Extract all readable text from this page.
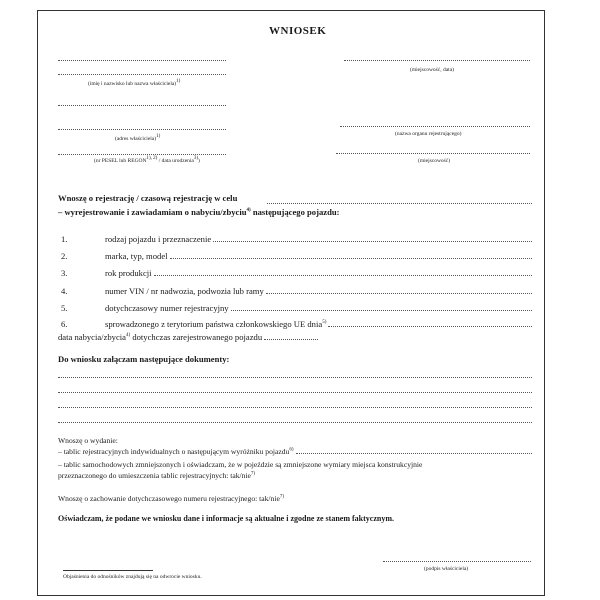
WNIOSEK
(imię i nazwisko lub nazwa właściciela)$^{1)}$
(adres właściciela)$^{1)}$
(nr PESEL lub $REGON^{1), 2)}$ / data urodzenia$^{3)}$)
(miejscowość, data)
(nazwa organu rejestrującego)
(miejscowość)
Wnoszę o rejestrację / czasową rejestrację w celu
– wyrejestrowanie i zawiadamiam o nabyciu/zbyciu$^{4)}$ następującego pojazdu:
1.	rodzaj pojazdu i przeznaczenie
2.	marka, typ, model
3.	rok produkcji
4.	numer VIN / nr nadwozia, podwozia lub ramy
5.	dotychczasowy numer rejestracyjny
6.	sprowadzonego z terytorium państwa członkowskiego UE dnia$^{5)}$
data nabycia/zbycia$^{4)}$ dotychczas zarejestrowanego pojazdu
Do wniosku załączam następujące dokumenty:
Wnoszę o wydanie:
– tablic rejestracyjnych indywidualnych o następującym wyróżniku pojazdu$^{6)}$
– tablic samochodowych zmniejszonych i oświadczam, że w pojeździe są zmniejszone wymiary miejsca konstrukcyjnie
przeznaczonego do umieszczenia tablic rejestracyjnych: tak/nie$^{7)}$
Wnoszę o zachowanie dotychczasowego numeru rejestracyjnego: tak/nie$^{7)}$
Oświadczam, że podane we wniosku dane i informacje są aktualne i zgodne ze stanem faktycznym.
(podpis właściciela)
Objaśnienia do odnośników znajdują się na odwrocie wniosku.
